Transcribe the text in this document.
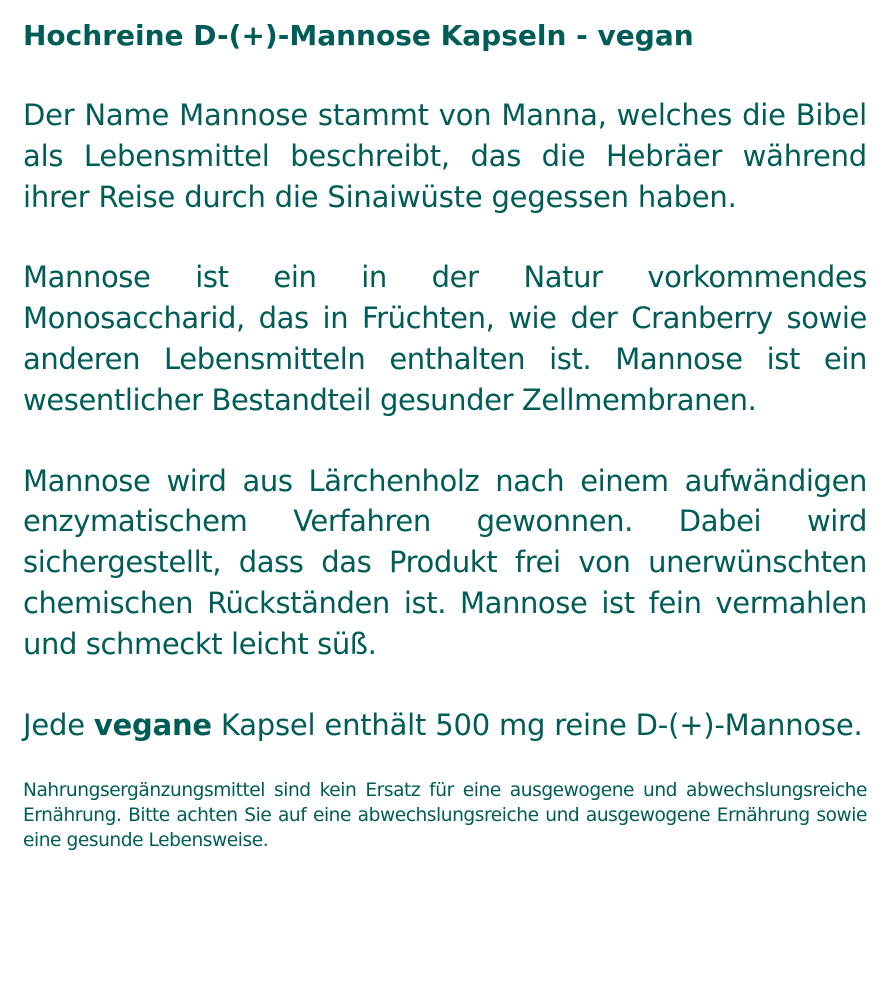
Hochreine D-(+)-Mannose Kapseln - vegan

Der Name Mannose stammt von Manna, welches die Bibel als Lebensmittel beschreibt, das die Hebräer während ihrer Reise durch die Sinaiwüste gegessen haben.

Mannose ist ein in der Natur vorkommendes Monosaccharid, das in Früchten, wie der Cranberry sowie anderen Lebensmitteln enthalten ist. Mannose ist ein wesentlicher Bestandteil gesunder Zellmembranen.

Mannose wird aus Lärchenholz nach einem aufwändigen enzymatischem Verfahren gewonnen. Dabei wird sichergestellt, dass das Produkt frei von unerwünschten chemischen Rückständen ist. Mannose ist fein vermahlen und schmeckt leicht süß.

Jede vegane Kapsel enthält 500 mg reine D-(+)-Mannose.

Nahrungsergänzungsmittel sind kein Ersatz für eine ausgewogene und abwechslungsreiche Ernährung. Bitte achten Sie auf eine abwechslungsreiche und ausgewogene Ernährung sowie eine gesunde Lebensweise.
